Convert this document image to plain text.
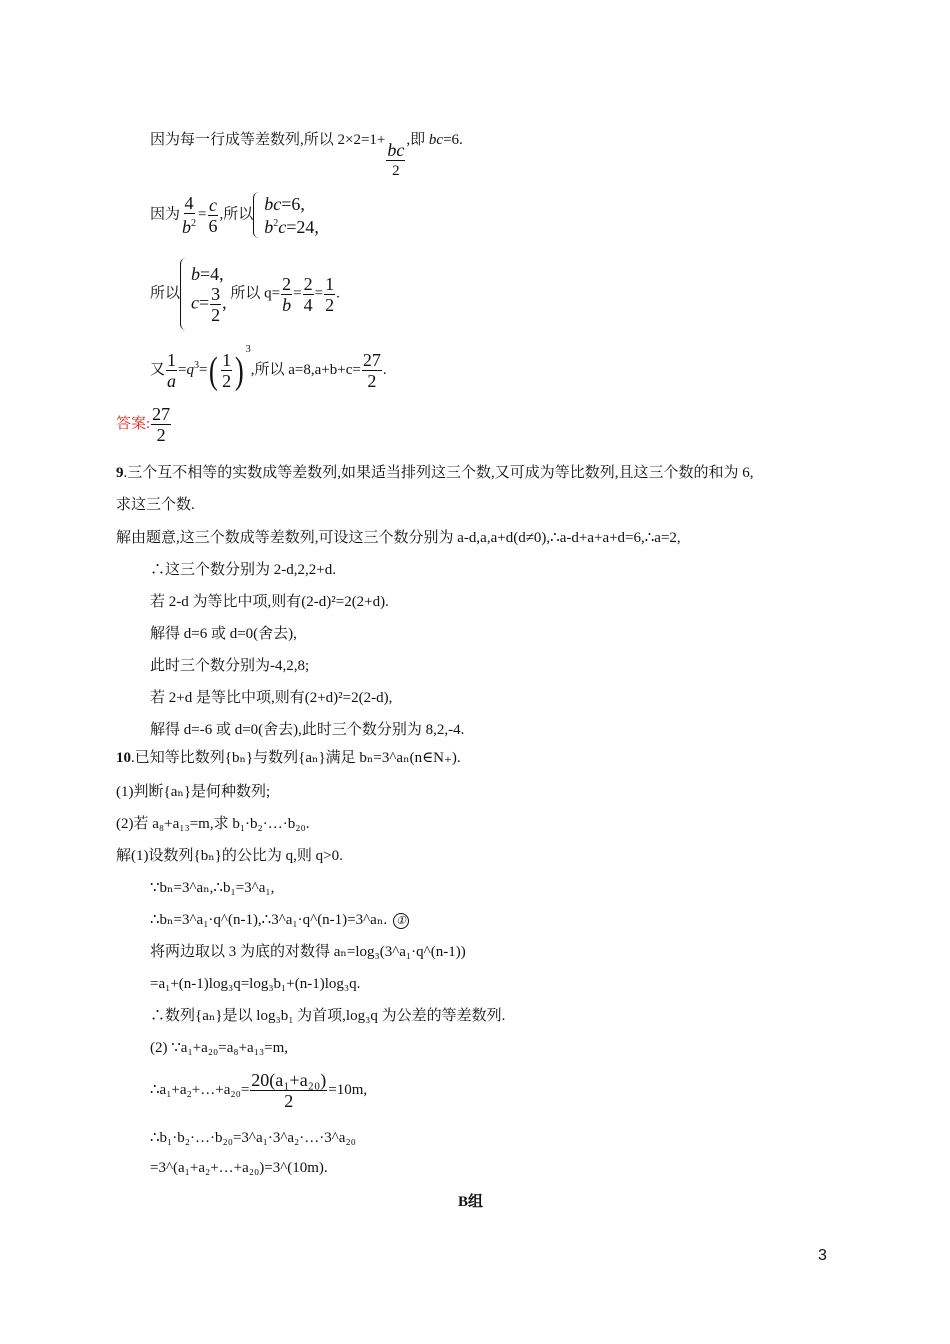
因为每一行成等差数列,所以 $2\times 2=1+ \frac{bc}{2}$ ,即 bc=6.
因为 $\frac{4}{b^2} = \frac{c}{6}$ ,所以
bc=6,
$b^2c=24$,
所以
b=4,
$c= \frac{3}{2}$ , 所以 $q= \frac{2}{b} = \frac{2}{4} = \frac{1}{2}$ .
又 $\frac{1}{a} =q^3=( \frac{1}{2} )^3$,所以 $a=8,a+b+c= \frac{27}{2}$ .
答案: $\frac{27}{2}$
9.三个互不相等的实数成等差数列,如果适当排列这三个数,又可成为等比数列,且这三个数的和为 6,
求这三个数.
解由题意,这三个数成等差数列,可设这三个数分别为 a-d,a,a+d(d≠0),∴a-d+a+a+d=6,∴a=2,
∴这三个数分别为 2-d,2,2+d.
若 2-d 为等比中项,则有(2-d)²=2(2+d).
解得 d=6 或 d=0(舍去),
此时三个数分别为-4,2,8;
若 2+d 是等比中项,则有(2+d)²=2(2-d),
解得 d=-6 或 d=0(舍去),此时三个数分别为 8,2,-4.
10.已知等比数列{bₙ}与数列{aₙ}满足 bₙ=3^aₙ(n∈N₊).
(1)判断{aₙ}是何种数列;
(2)若 a₈+a₁₃=m,求 b₁·b₂·…·b₂₀.
解(1)设数列{bₙ}的公比为 q,则 q>0.
∵bₙ=3^aₙ,∴b₁=3^a₁,
∴bₙ=3^a₁·q^(n-1),∴3^a₁·q^(n-1)=3^aₙ. ①
将两边取以 3 为底的对数得 aₙ=log₃(3^a₁·q^(n-1))
=a₁+(n-1)log₃q=log₃b₁+(n-1)log₃q.
∴数列{aₙ}是以 log₃b₁ 为首项,log₃q 为公差的等差数列.
(2) ∵a₁+a₂₀=a₈+a₁₃=m,
∴a₁+a₂+…+a₂₀= $\frac{\text{20(a₁+a₂₀)}}{2} =10m$,
∴b₁·b₂·…·b₂₀=3^a₁·3^a₂·…·3^a₂₀
=3^(a₁+a₂+…+a₂₀)=3^(10m).
B组
3
